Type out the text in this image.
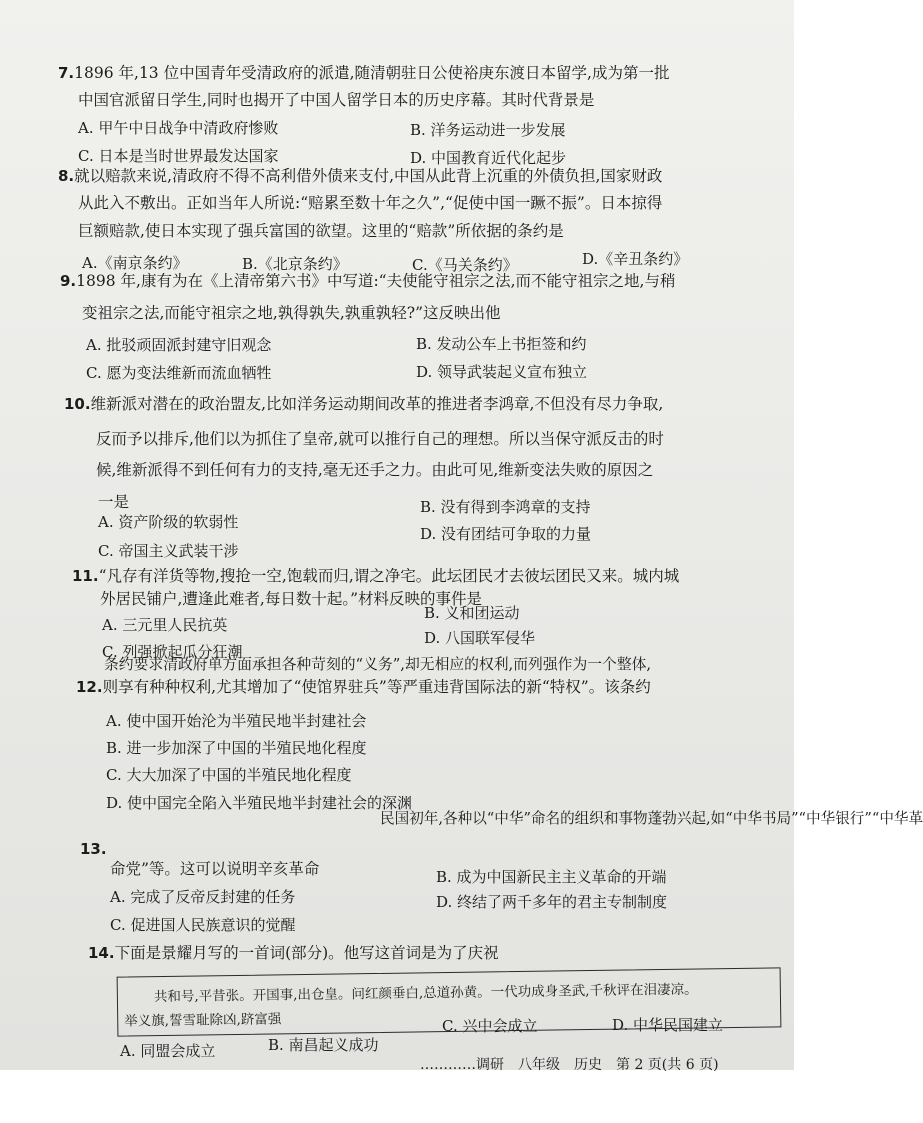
7.1896 年,13 位中国青年受清政府的派遣,随清朝驻日公使裕庚东渡日本留学,成为第一批
中国官派留日学生,同时也揭开了中国人留学日本的历史序幕。其时代背景是
A. 甲午中日战争中清政府惨败	B. 洋务运动进一步发展
C. 日本是当时世界最发达国家	D. 中国教育近代化起步
8.就以赔款来说,清政府不得不高利借外债来支付,中国从此背上沉重的外债负担,国家财政
从此入不敷出。正如当年人所说:“赔累至数十年之久”,“促使中国一蹶不振”。日本掠得
巨额赔款,使日本实现了强兵富国的欲望。这里的“赔款”所依据的条约是
A.《南京条约》	B.《北京条约》	C.《马关条约》	D.《辛丑条约》
9.1898 年,康有为在《上清帝第六书》中写道:“夫使能守祖宗之法,而不能守祖宗之地,与稍
变祖宗之法,而能守祖宗之地,孰得孰失,孰重孰轻?”这反映出他
A. 批驳顽固派封建守旧观念	B. 发动公车上书拒签和约
C. 愿为变法维新而流血牺牲	D. 领导武装起义宣布独立
10.维新派对潜在的政治盟友,比如洋务运动期间改革的推进者李鸿章,不但没有尽力争取,
反而予以排斥,他们以为抓住了皇帝,就可以推行自己的理想。所以当保守派反击的时
候,维新派得不到任何有力的支持,毫无还手之力。由此可见,维新变法失败的原因之
一是
A. 资产阶级的软弱性
B. 没有得到李鸿章的支持
C. 帝国主义武装干涉
D. 没有团结可争取的力量
11.“凡存有洋货等物,搜抢一空,饱载而归,谓之净宅。此坛团民才去彼坛团民又来。城内城
外居民铺户,遭逢此难者,每日数十起。”材料反映的事件是
A. 三元里人民抗英
B. 义和团运动
C. 列强掀起瓜分狂潮
D. 八国联军侵华
条约要求清政府单方面承担各种苛刻的“义务”,却无相应的权利,而列强作为一个整体,
12.则享有种种权利,尤其增加了“使馆界驻兵”等严重违背国际法的新“特权”。该条约
A. 使中国开始沦为半殖民地半封建社会
B. 进一步加深了中国的半殖民地化程度
C. 大大加深了中国的半殖民地化程度
D. 使中国完全陷入半殖民地半封建社会的深渊
民国初年,各种以“中华”命名的组织和事物蓬勃兴起,如“中华书局”“中华银行”“中华革
13.
命党”等。这可以说明辛亥革命
A. 完成了反帝反封建的任务
B. 成为中国新民主主义革命的开端
C. 促进国人民族意识的觉醒
D. 终结了两千多年的君主专制制度
14.下面是景耀月写的一首词(部分)。他写这首词是为了庆祝
共和号,平昔张。开国事,出仓皇。问红颜垂白,总道孙黄。一代功成身圣武,千秋评在泪凄凉。
举义旗,誓雪耻除凶,跻富强
A. 同盟会成立	B. 南昌起义成功
C. 兴中会成立	D. 中华民国建立
…………调研　八年级　历史　第 2 页(共 6 页)
